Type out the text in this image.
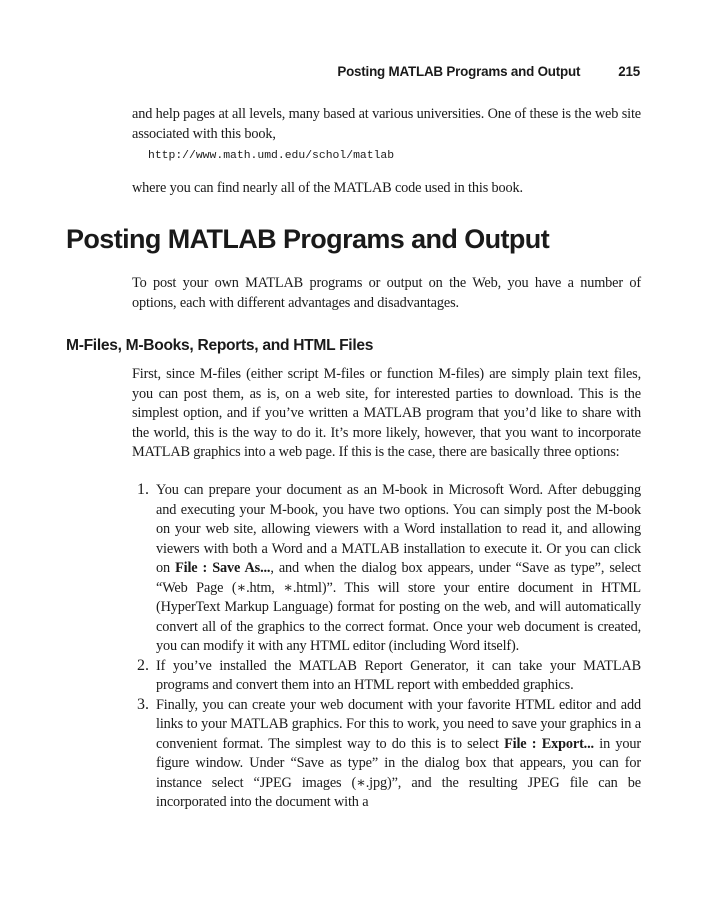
Posting MATLAB Programs and Output	215
and help pages at all levels, many based at various universities. One of these is the web site associated with this book,
http://www.math.umd.edu/schol/matlab
where you can find nearly all of the MATLAB code used in this book.
Posting MATLAB Programs and Output
To post your own MATLAB programs or output on the Web, you have a number of options, each with different advantages and disadvantages.
M-Files, M-Books, Reports, and HTML Files
First, since M-files (either script M-files or function M-files) are simply plain text files, you can post them, as is, on a web site, for interested parties to download. This is the simplest option, and if you’ve written a MATLAB program that you’d like to share with the world, this is the way to do it. It’s more likely, however, that you want to incorporate MATLAB graphics into a web page. If this is the case, there are basically three options:
1. You can prepare your document as an M-book in Microsoft Word. After debugging and executing your M-book, you have two options. You can simply post the M-book on your web site, allowing viewers with a Word installation to read it, and allowing viewers with both a Word and a MATLAB installation to execute it. Or you can click on File : Save As..., and when the dialog box appears, under “Save as type”, select “Web Page (∗.htm, ∗.html)”. This will store your entire document in HTML (HyperText Markup Language) format for posting on the web, and will automatically convert all of the graphics to the correct format. Once your web document is created, you can modify it with any HTML editor (including Word itself).
2. If you’ve installed the MATLAB Report Generator, it can take your MATLAB programs and convert them into an HTML report with embedded graphics.
3. Finally, you can create your web document with your favorite HTML editor and add links to your MATLAB graphics. For this to work, you need to save your graphics in a convenient format. The simplest way to do this is to select File : Export... in your figure window. Under “Save as type” in the dialog box that appears, you can for instance select “JPEG images (∗.jpg)”, and the resulting JPEG file can be incorporated into the document with a
